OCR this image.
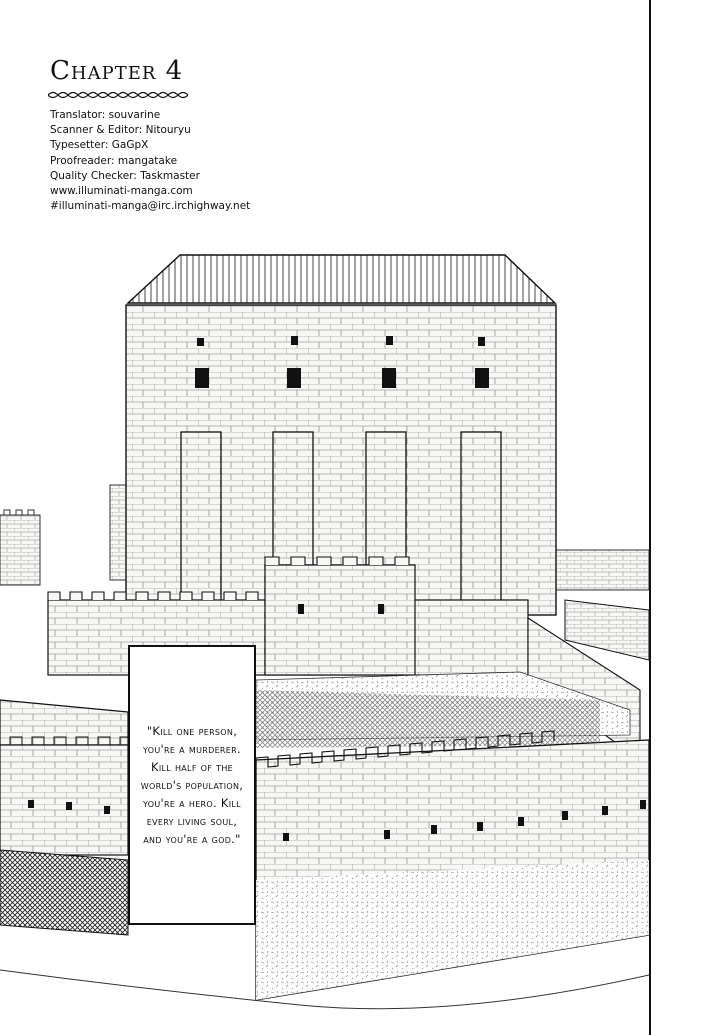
Chapter 4
Translator: souvarine
Scanner & Editor: Nitouryu
Typesetter: GaGpX
Proofreader: mangatake
Quality Checker: Taskmaster
www.illuminati-manga.com
#illuminati-manga@irc.irchighway.net
"Kill one person, you're a murderer. Kill half of the world's population, you're a hero. Kill every living soul, and you're a god."
